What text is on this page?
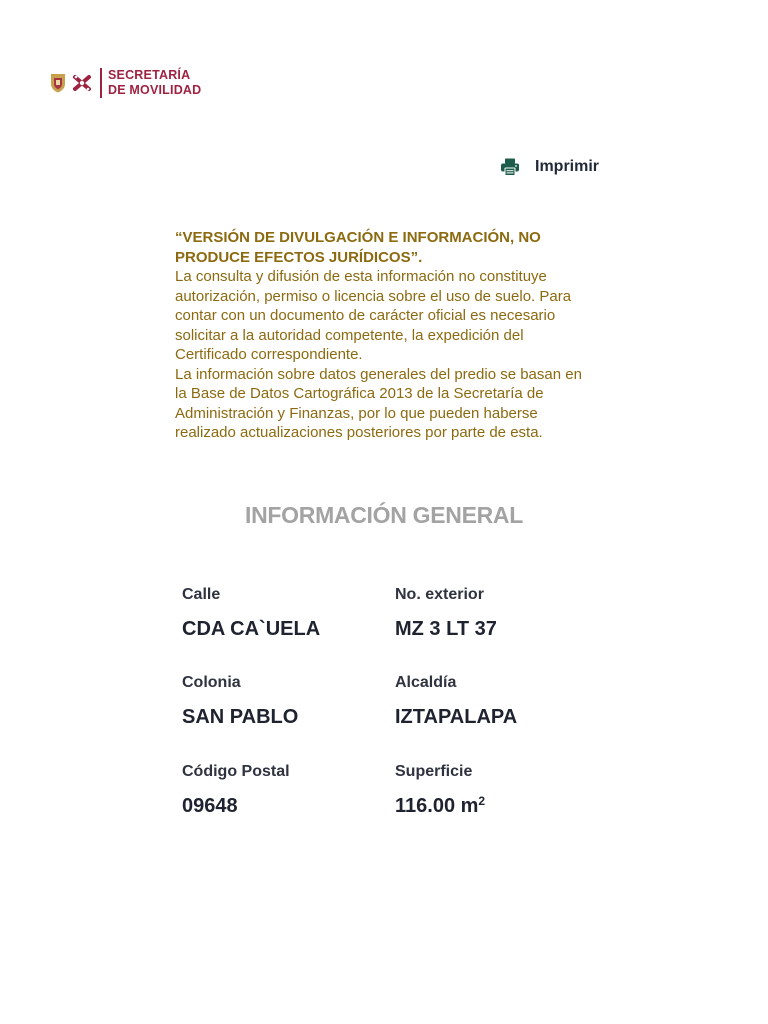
SECRETARÍA
DE MOVILIDAD
Imprimir
“VERSIÓN DE DIVULGACIÓN E INFORMACIÓN, NO PRODUCE EFECTOS JURÍDICOS”.
La consulta y difusión de esta información no constituye autorización, permiso o licencia sobre el uso de suelo. Para contar con un documento de carácter oficial es necesario solicitar a la autoridad competente, la expedición del Certificado correspondiente.
La información sobre datos generales del predio se basan en la Base de Datos Cartográfica 2013 de la Secretaría de Administración y Finanzas, por lo que pueden haberse realizado actualizaciones posteriores por parte de esta.
INFORMACIÓN GENERAL
Calle
CDA CA`UELA
No. exterior
MZ 3 LT 37
Colonia
SAN PABLO
Alcaldía
IZTAPALAPA
Código Postal
09648
Superficie
116.00 $m^2$
